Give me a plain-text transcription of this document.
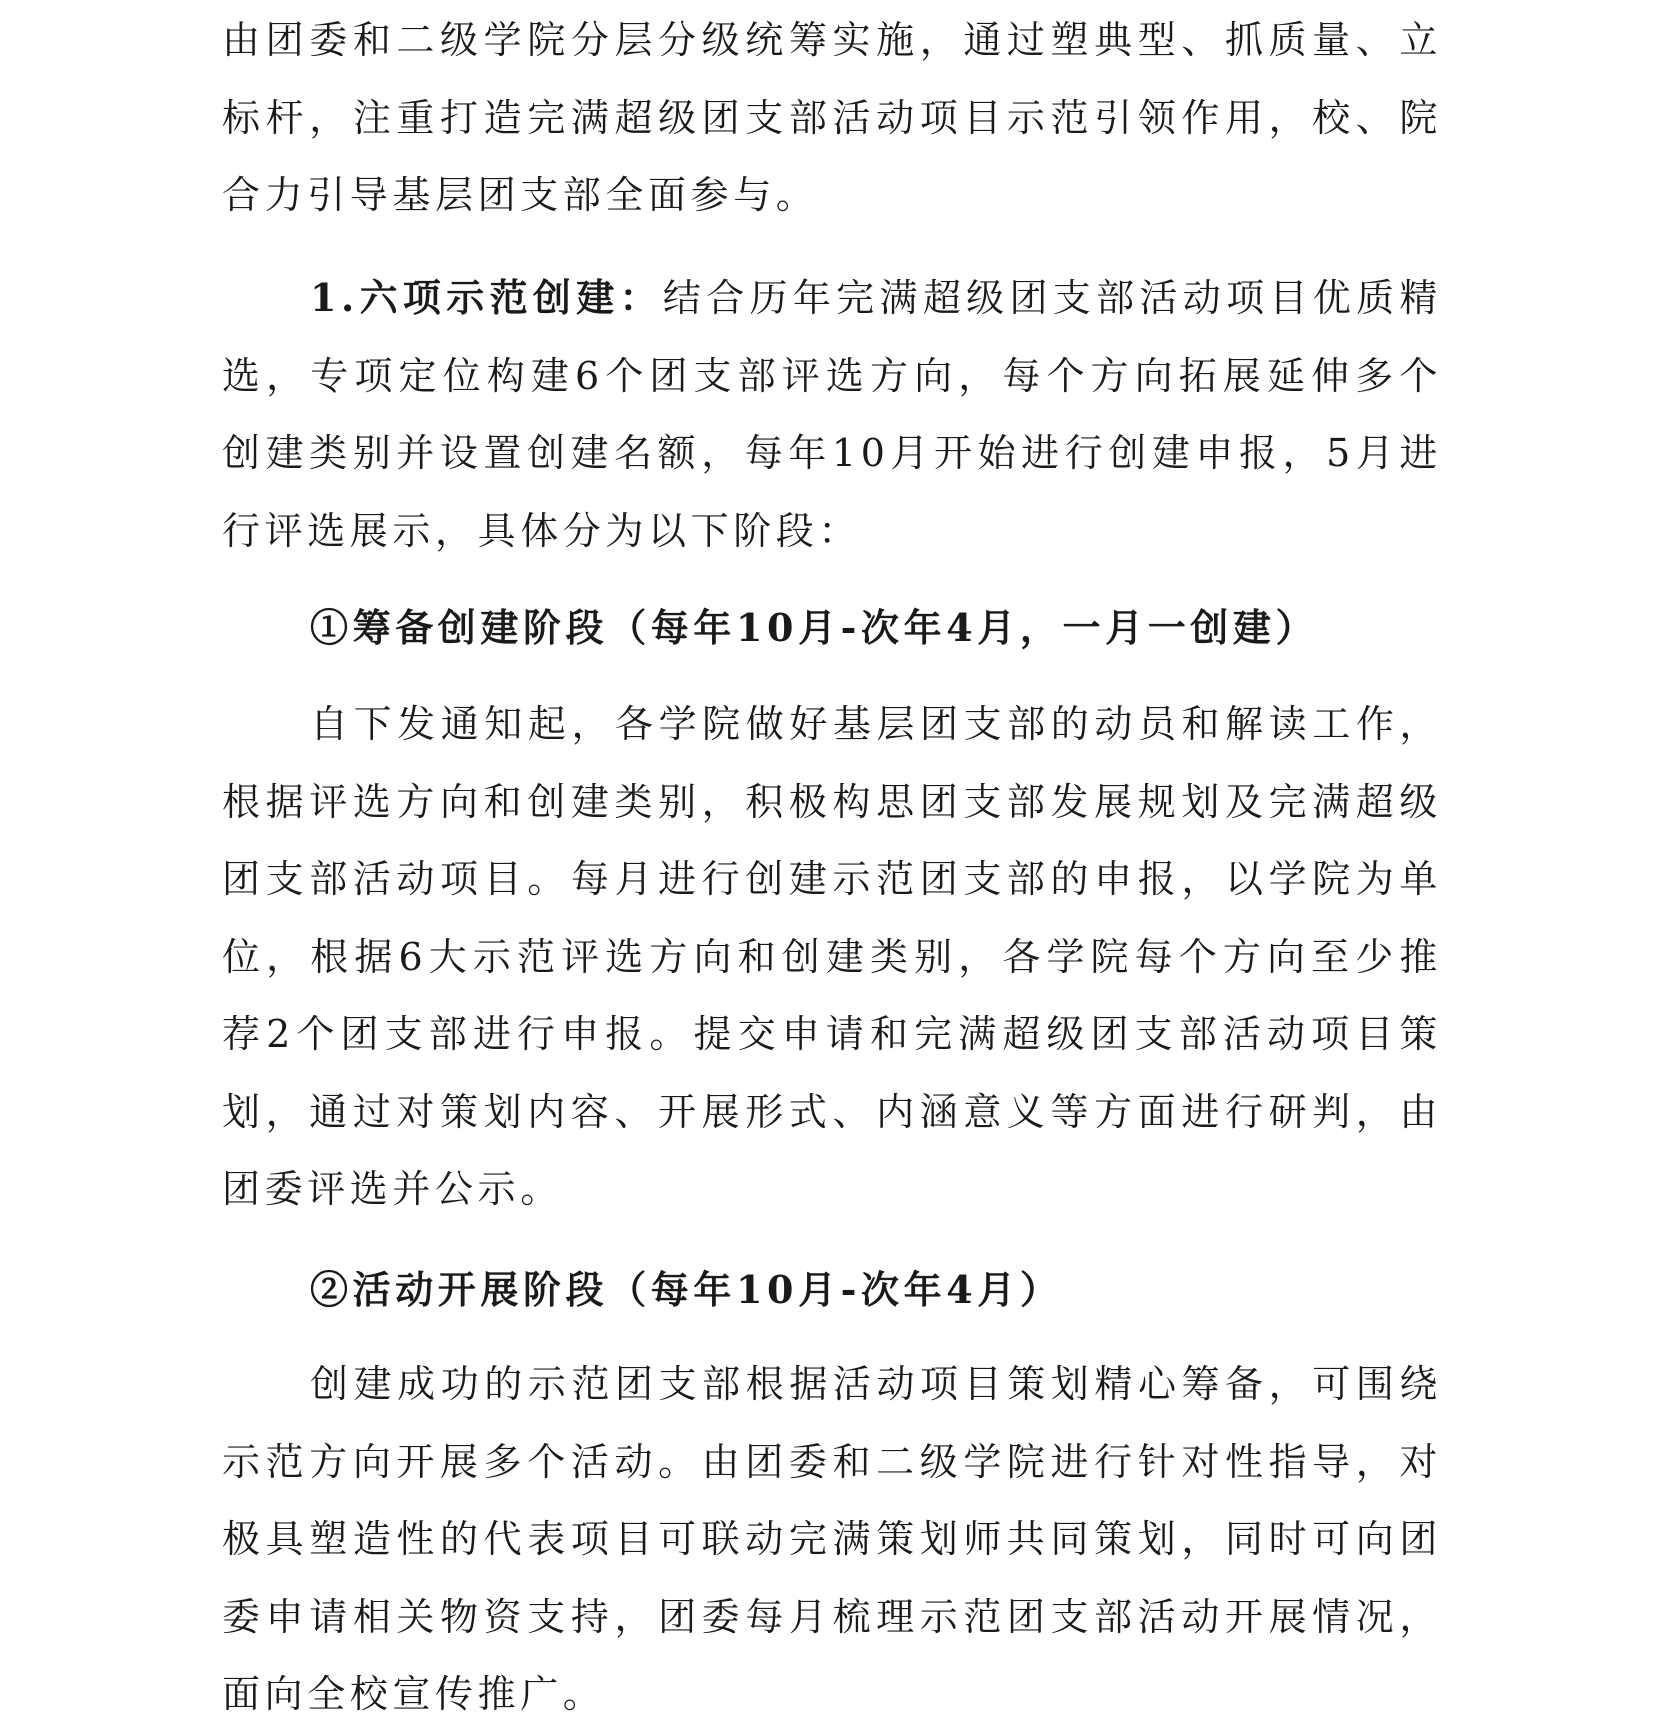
由团委和二级学院分层分级统筹实施，通过塑典型、抓质量、立标杆，注重打造完满超级团支部活动项目示范引领作用，校、院合力引导基层团支部全面参与。

1.六项示范创建：结合历年完满超级团支部活动项目优质精选，专项定位构建6个团支部评选方向，每个方向拓展延伸多个创建类别并设置创建名额，每年10月开始进行创建申报，5月进行评选展示，具体分为以下阶段：

①筹备创建阶段（每年10月-次年4月，一月一创建）

自下发通知起，各学院做好基层团支部的动员和解读工作，根据评选方向和创建类别，积极构思团支部发展规划及完满超级团支部活动项目。每月进行创建示范团支部的申报，以学院为单位，根据6大示范评选方向和创建类别，各学院每个方向至少推荐2个团支部进行申报。提交申请和完满超级团支部活动项目策划，通过对策划内容、开展形式、内涵意义等方面进行研判，由团委评选并公示。

②活动开展阶段（每年10月-次年4月）

创建成功的示范团支部根据活动项目策划精心筹备，可围绕示范方向开展多个活动。由团委和二级学院进行针对性指导，对极具塑造性的代表项目可联动完满策划师共同策划，同时可向团委申请相关物资支持，团委每月梳理示范团支部活动开展情况，面向全校宣传推广。
